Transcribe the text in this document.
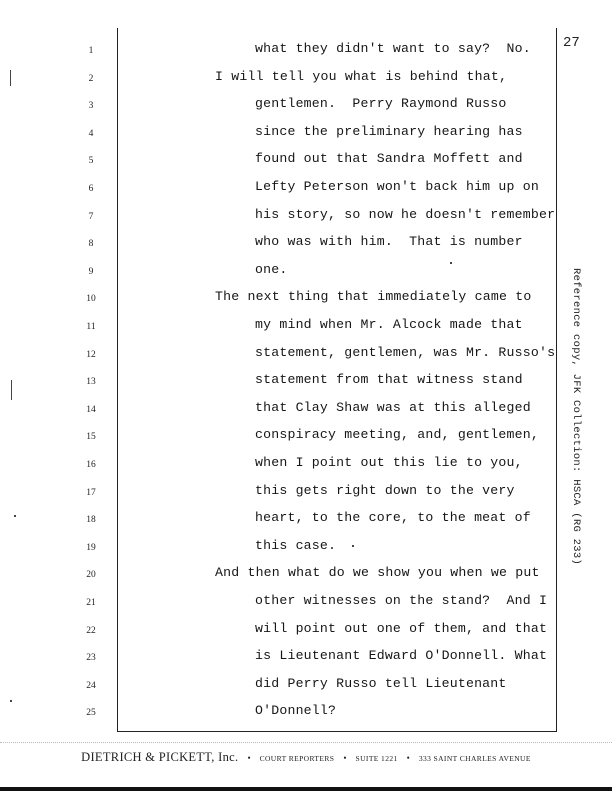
27
Reference copy, JFK Collection: HSCA (RG 233)
1	what they didn't want to say?  No.
2	I will tell you what is behind that,
3	gentlemen.  Perry Raymond Russo
4	since the preliminary hearing has
5	found out that Sandra Moffett and
6	Lefty Peterson won't back him up on
7	his story, so now he doesn't remember
8	who was with him.  That is number
9	one.
10	The next thing that immediately came to
11	my mind when Mr. Alcock made that
12	statement, gentlemen, was Mr. Russo's
13	statement from that witness stand
14	that Clay Shaw was at this alleged
15	conspiracy meeting, and, gentlemen,
16	when I point out this lie to you,
17	this gets right down to the very
18	heart, to the core, to the meat of
19	this case.
20	And then what do we show you when we put
21	other witnesses on the stand?  And I
22	will point out one of them, and that
23	is Lieutenant Edward O'Donnell. What
24	did Perry Russo tell Lieutenant
25	O'Donnell?
DIETRICH & PICKETT, Inc. • COURT REPORTERS • SUITE 1221 • 333 SAINT CHARLES AVENUE
